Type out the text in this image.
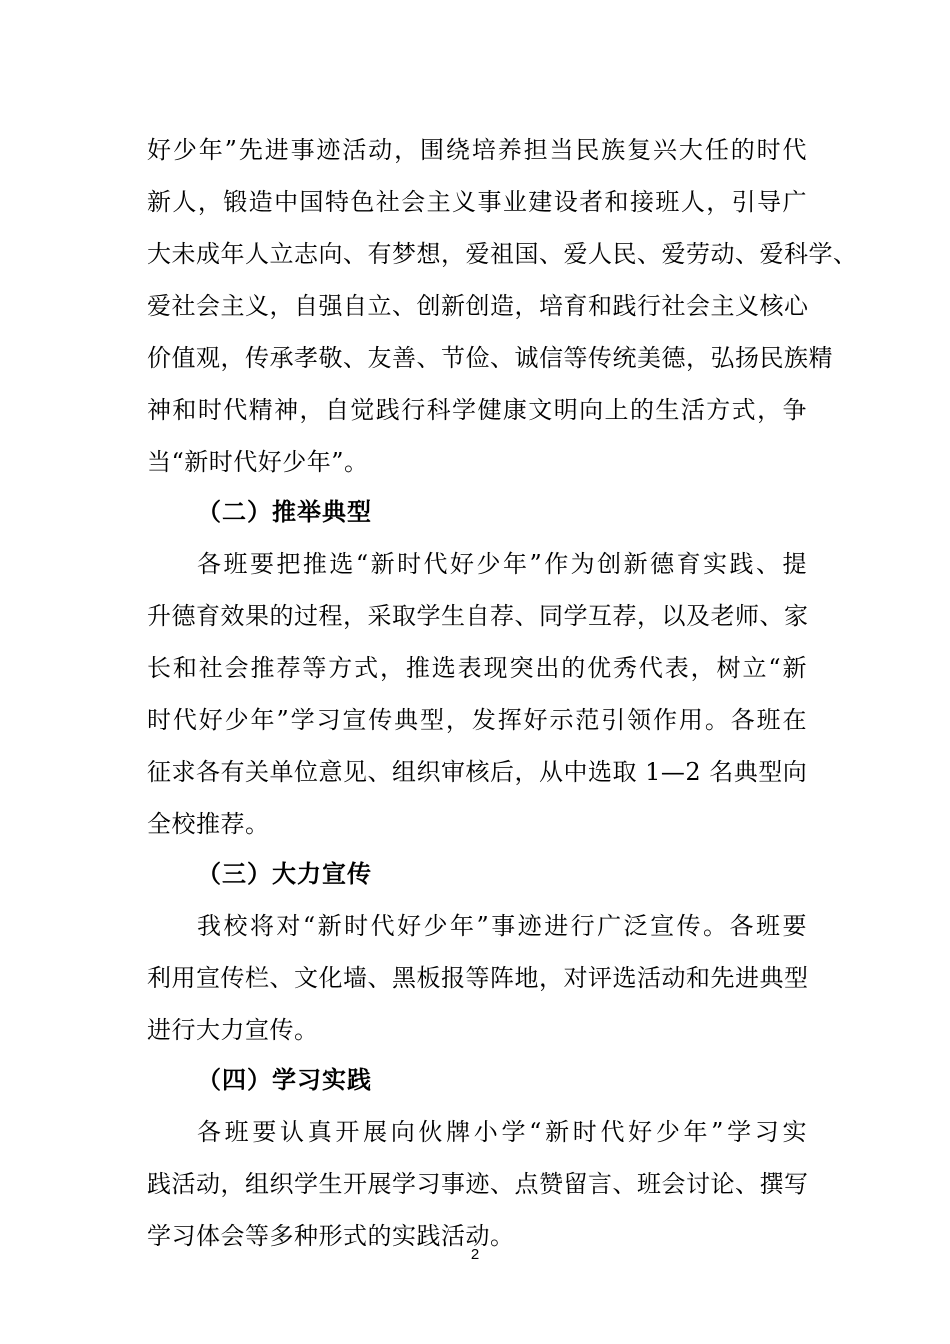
好少年”先进事迹活动，围绕培养担当民族复兴大任的时代
新人，锻造中国特色社会主义事业建设者和接班人，引导广
大未成年人立志向、有梦想，爱祖国、爱人民、爱劳动、爱科学、
爱社会主义，自强自立、创新创造，培育和践行社会主义核心
价值观，传承孝敬、友善、节俭、诚信等传统美德，弘扬民族精
神和时代精神，自觉践行科学健康文明向上的生活方式，争
当“新时代好少年”。
（二）推举典型
各班要把推选“新时代好少年”作为创新德育实践、提
升德育效果的过程，采取学生自荐、同学互荐，以及老师、家
长和社会推荐等方式，推选表现突出的优秀代表，树立“新
时代好少年”学习宣传典型，发挥好示范引领作用。各班在
征求各有关单位意见、组织审核后，从中选取 1—2 名典型向
全校推荐。
（三）大力宣传
我校将对“新时代好少年”事迹进行广泛宣传。各班要
利用宣传栏、文化墙、黑板报等阵地，对评选活动和先进典型
进行大力宣传。
（四）学习实践
各班要认真开展向伙牌小学“新时代好少年”学习实
践活动，组织学生开展学习事迹、点赞留言、班会讨论、撰写
学习体会等多种形式的实践活动。
2
